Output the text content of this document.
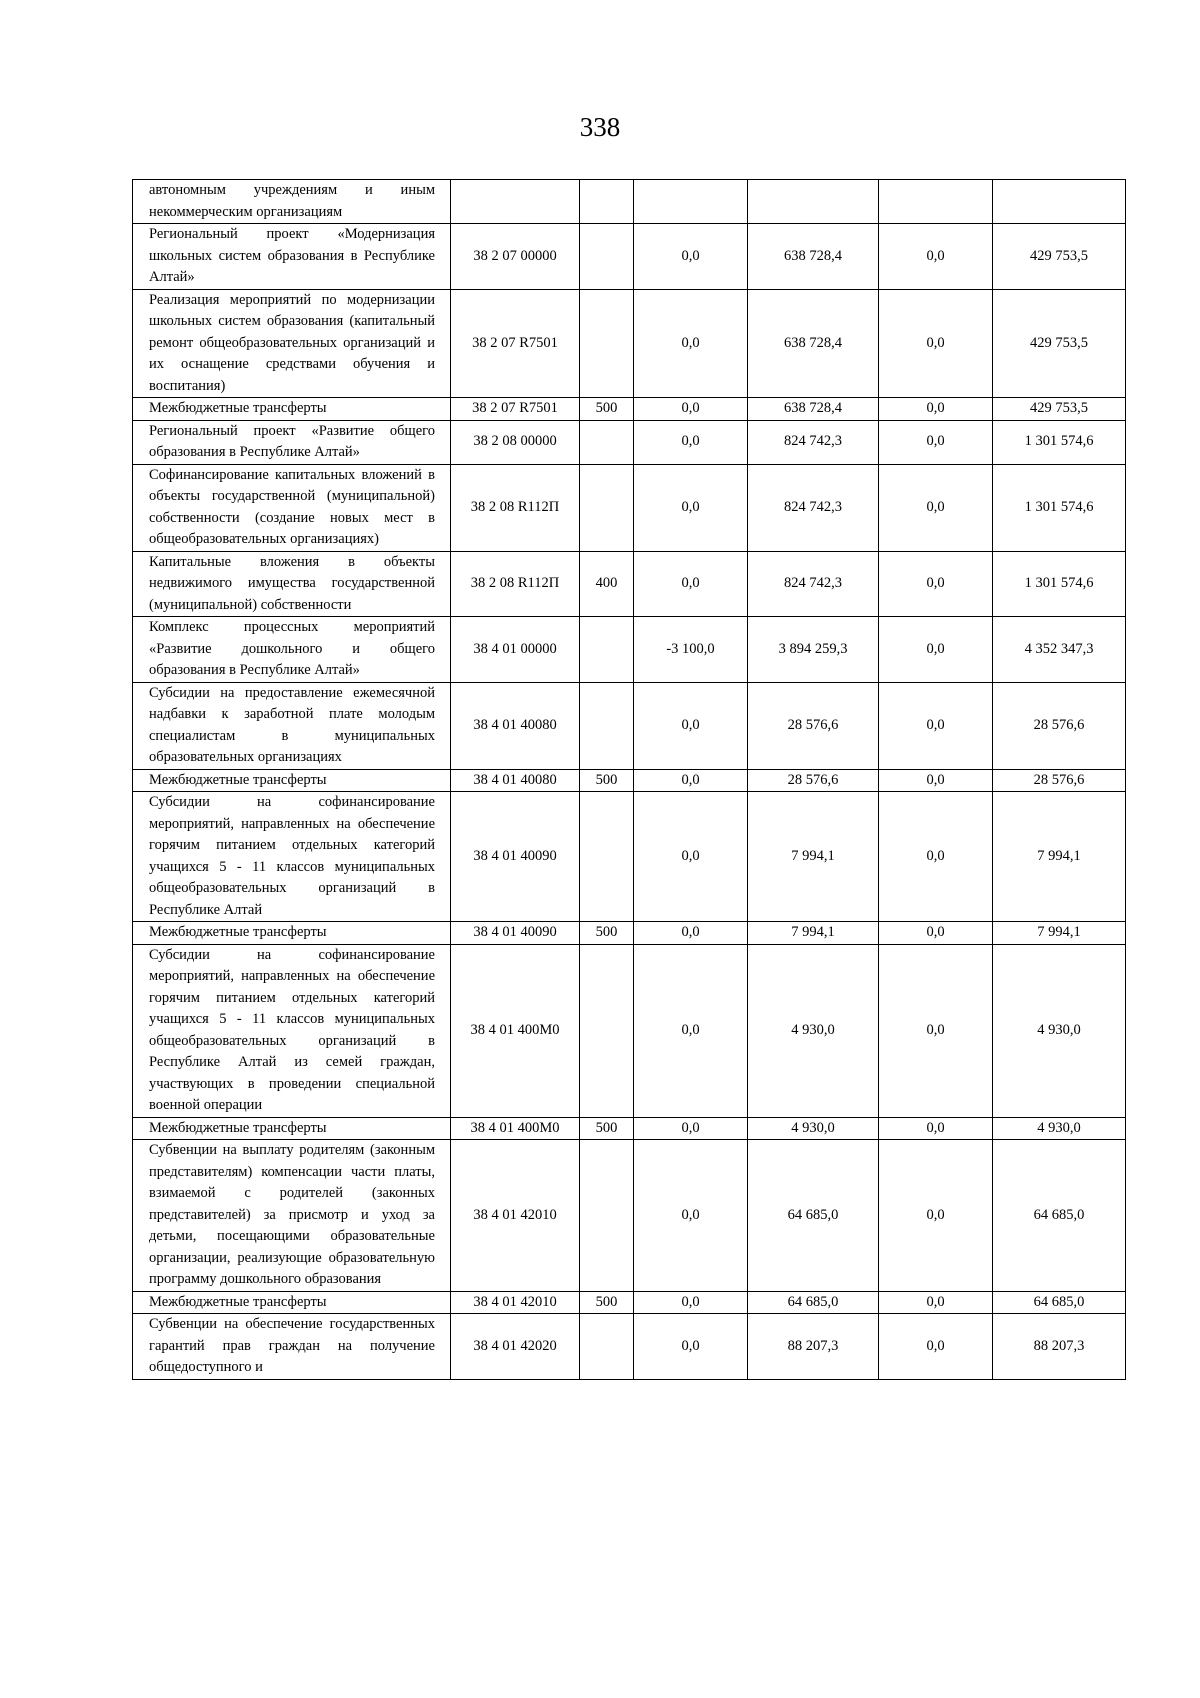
338
автономным учреждениям и иным некоммерческим организациям						
Региональный проект «Модернизация школьных систем образования в Республике Алтай»	38 2 07 00000		0,0	638 728,4	0,0	429 753,5
Реализация мероприятий по модернизации школьных систем образования (капитальный ремонт общеобразовательных организаций и их оснащение средствами обучения и воспитания)	38 2 07 R7501		0,0	638 728,4	0,0	429 753,5
Межбюджетные трансферты	38 2 07 R7501	500	0,0	638 728,4	0,0	429 753,5
Региональный проект «Развитие общего образования в Республике Алтай»	38 2 08 00000		0,0	824 742,3	0,0	1 301 574,6
Софинансирование капитальных вложений в объекты государственной (муниципальной) собственности (создание новых мест в общеобразовательных организациях)	38 2 08 R112П		0,0	824 742,3	0,0	1 301 574,6
Капитальные вложения в объекты недвижимого имущества государственной (муниципальной) собственности	38 2 08 R112П	400	0,0	824 742,3	0,0	1 301 574,6
Комплекс процессных мероприятий «Развитие дошкольного и общего образования в Республике Алтай»	38 4 01 00000		-3 100,0	3 894 259,3	0,0	4 352 347,3
Субсидии на предоставление ежемесячной надбавки к заработной плате молодым специалистам в муниципальных образовательных организациях	38 4 01 40080		0,0	28 576,6	0,0	28 576,6
Межбюджетные трансферты	38 4 01 40080	500	0,0	28 576,6	0,0	28 576,6
Субсидии на софинансирование мероприятий, направленных на обеспечение горячим питанием отдельных категорий учащихся 5 - 11 классов муниципальных общеобразовательных организаций в Республике Алтай	38 4 01 40090		0,0	7 994,1	0,0	7 994,1
Межбюджетные трансферты	38 4 01 40090	500	0,0	7 994,1	0,0	7 994,1
Субсидии на софинансирование мероприятий, направленных на обеспечение горячим питанием отдельных категорий учащихся 5 - 11 классов муниципальных общеобразовательных организаций в Республике Алтай из семей граждан, участвующих в проведении специальной военной операции	38 4 01 400М0		0,0	4 930,0	0,0	4 930,0
Межбюджетные трансферты	38 4 01 400М0	500	0,0	4 930,0	0,0	4 930,0
Субвенции на выплату родителям (законным представителям) компенсации части платы, взимаемой с родителей (законных представителей) за присмотр и уход за детьми, посещающими образовательные организации, реализующие образовательную программу дошкольного образования	38 4 01 42010		0,0	64 685,0	0,0	64 685,0
Межбюджетные трансферты	38 4 01 42010	500	0,0	64 685,0	0,0	64 685,0
Субвенции на обеспечение государственных гарантий прав граждан на получение общедоступного и	38 4 01 42020		0,0	88 207,3	0,0	88 207,3
